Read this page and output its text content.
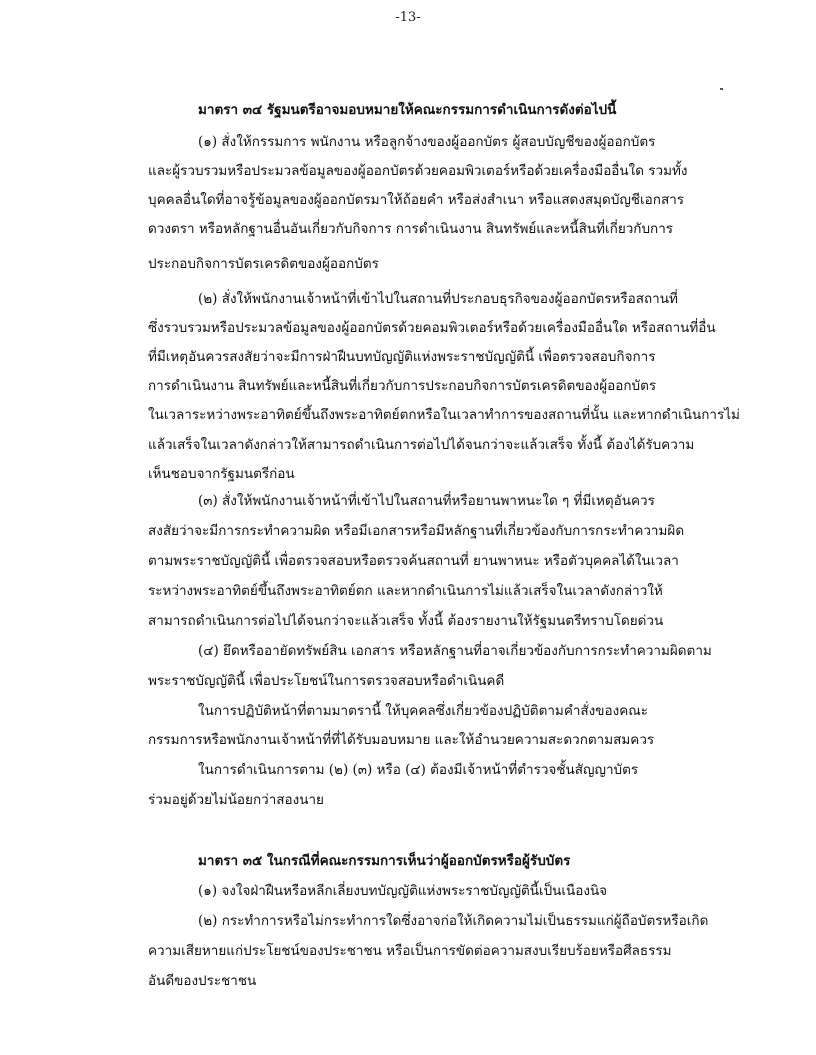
-13-
มาตรา ๓๔ รัฐมนตรีอาจมอบหมายให้คณะกรรมการดำเนินการดังต่อไปนี้
(๑) สั่งให้กรรมการ พนักงาน หรือลูกจ้างของผู้ออกบัตร ผู้สอบบัญชีของผู้ออกบัตร
และผู้รวบรวมหรือประมวลข้อมูลของผู้ออกบัตรด้วยคอมพิวเตอร์หรือด้วยเครื่องมืออื่นใด รวมทั้ง
บุคคลอื่นใดที่อาจรู้ข้อมูลของผู้ออกบัตรมาให้ถ้อยคำ หรือส่งสำเนา หรือแสดงสมุดบัญชีเอกสาร
ดวงตรา หรือหลักฐานอื่นอันเกี่ยวกับกิจการ การดำเนินงาน สินทรัพย์และหนี้สินที่เกี่ยวกับการ
ประกอบกิจการบัตรเครดิตของผู้ออกบัตร
(๒) สั่งให้พนักงานเจ้าหน้าที่เข้าไปในสถานที่ประกอบธุรกิจของผู้ออกบัตรหรือสถานที่
ซึ่งรวบรวมหรือประมวลข้อมูลของผู้ออกบัตรด้วยคอมพิวเตอร์หรือด้วยเครื่องมืออื่นใด หรือสถานที่อื่น
ที่มีเหตุอันควรสงสัยว่าจะมีการฝ่าฝืนบทบัญญัติแห่งพระราชบัญญัตินี้ เพื่อตรวจสอบกิจการ
การดำเนินงาน สินทรัพย์และหนี้สินที่เกี่ยวกับการประกอบกิจการบัตรเครดิตของผู้ออกบัตร
ในเวลาระหว่างพระอาทิตย์ขึ้นถึงพระอาทิตย์ตกหรือในเวลาทำการของสถานที่นั้น และหากดำเนินการไม่
แล้วเสร็จในเวลาดังกล่าวให้สามารถดำเนินการต่อไปได้จนกว่าจะแล้วเสร็จ ทั้งนี้ ต้องได้รับความ
เห็นชอบจากรัฐมนตรีก่อน
(๓) สั่งให้พนักงานเจ้าหน้าที่เข้าไปในสถานที่หรือยานพาหนะใด ๆ ที่มีเหตุอันควร
สงสัยว่าจะมีการกระทำความผิด หรือมีเอกสารหรือมีหลักฐานที่เกี่ยวข้องกับการกระทำความผิด
ตามพระราชบัญญัตินี้ เพื่อตรวจสอบหรือตรวจค้นสถานที่ ยานพาหนะ หรือตัวบุคคลได้ในเวลา
ระหว่างพระอาทิตย์ขึ้นถึงพระอาทิตย์ตก และหากดำเนินการไม่แล้วเสร็จในเวลาดังกล่าวให้
สามารถดำเนินการต่อไปได้จนกว่าจะแล้วเสร็จ ทั้งนี้ ต้องรายงานให้รัฐมนตรีทราบโดยด่วน
(๔) ยึดหรืออายัดทรัพย์สิน เอกสาร หรือหลักฐานที่อาจเกี่ยวข้องกับการกระทำความผิดตาม
พระราชบัญญัตินี้ เพื่อประโยชน์ในการตรวจสอบหรือดำเนินคดี
ในการปฏิบัติหน้าที่ตามมาตรานี้ ให้บุคคลซึ่งเกี่ยวข้องปฏิบัติตามคำสั่งของคณะ
กรรมการหรือพนักงานเจ้าหน้าที่ที่ได้รับมอบหมาย และให้อำนวยความสะดวกตามสมควร
ในการดำเนินการตาม (๒) (๓) หรือ (๔) ต้องมีเจ้าหน้าที่ตำรวจชั้นสัญญาบัตร
ร่วมอยู่ด้วยไม่น้อยกว่าสองนาย
มาตรา ๓๕ ในกรณีที่คณะกรรมการเห็นว่าผู้ออกบัตรหรือผู้รับบัตร
(๑) จงใจฝ่าฝืนหรือหลีกเลี่ยงบทบัญญัติแห่งพระราชบัญญัตินี้เป็นเนืองนิจ
(๒) กระทำการหรือไม่กระทำการใดซึ่งอาจก่อให้เกิดความไม่เป็นธรรมแก่ผู้ถือบัตรหรือเกิด
ความเสียหายแก่ประโยชน์ของประชาชน หรือเป็นการขัดต่อความสงบเรียบร้อยหรือศีลธรรม
อันดีของประชาชน
